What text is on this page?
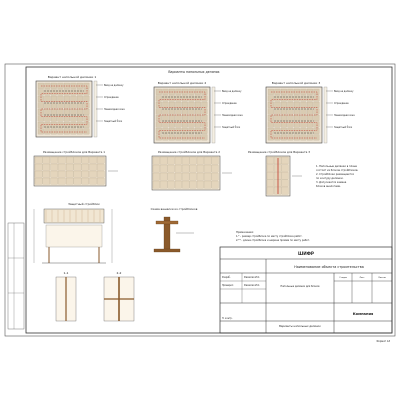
Варианты напольных делянок
Вариант напольной делянки 1
Вариант напольной делянки 2	Вариант напольной делянки 3
Ввод на делянку
Ограждение
Пешеходная зона
Защитный блок
Ввод на делянку
Ограждение
Пешеходная зона
Защитный блок
Ввод на делянку
Ограждение
Пешеходная зона
Защитный блок
Размещение стройблоков для Варианта 1	Размещение стройблоков для Варианта 2	Размещение стройблоков для Варианта 3
1. Напольные делянки в плане
состоят из блоков стройблоков.
2. Стройблоки размещаются
по контуру делянки.
3. Допускается замена
блоков аналогами.
Защитный стройблок
Схема вешалки из стройблоков
Примечания:
1.* - размер стройблока по месту стройблока работ.
2.** - длина стройблока и ширина проёма по месту работ.
1-1	2-2
ШИФР
Наименование объекта строительства
Разраб.	Фамилия И.О.
Проверил	Фамилия И.О.
Н. контр.
Напольные делянки для блоков
Стадия	Лист	Листов
Варианты напольных делянок
Компания
Формат А3
